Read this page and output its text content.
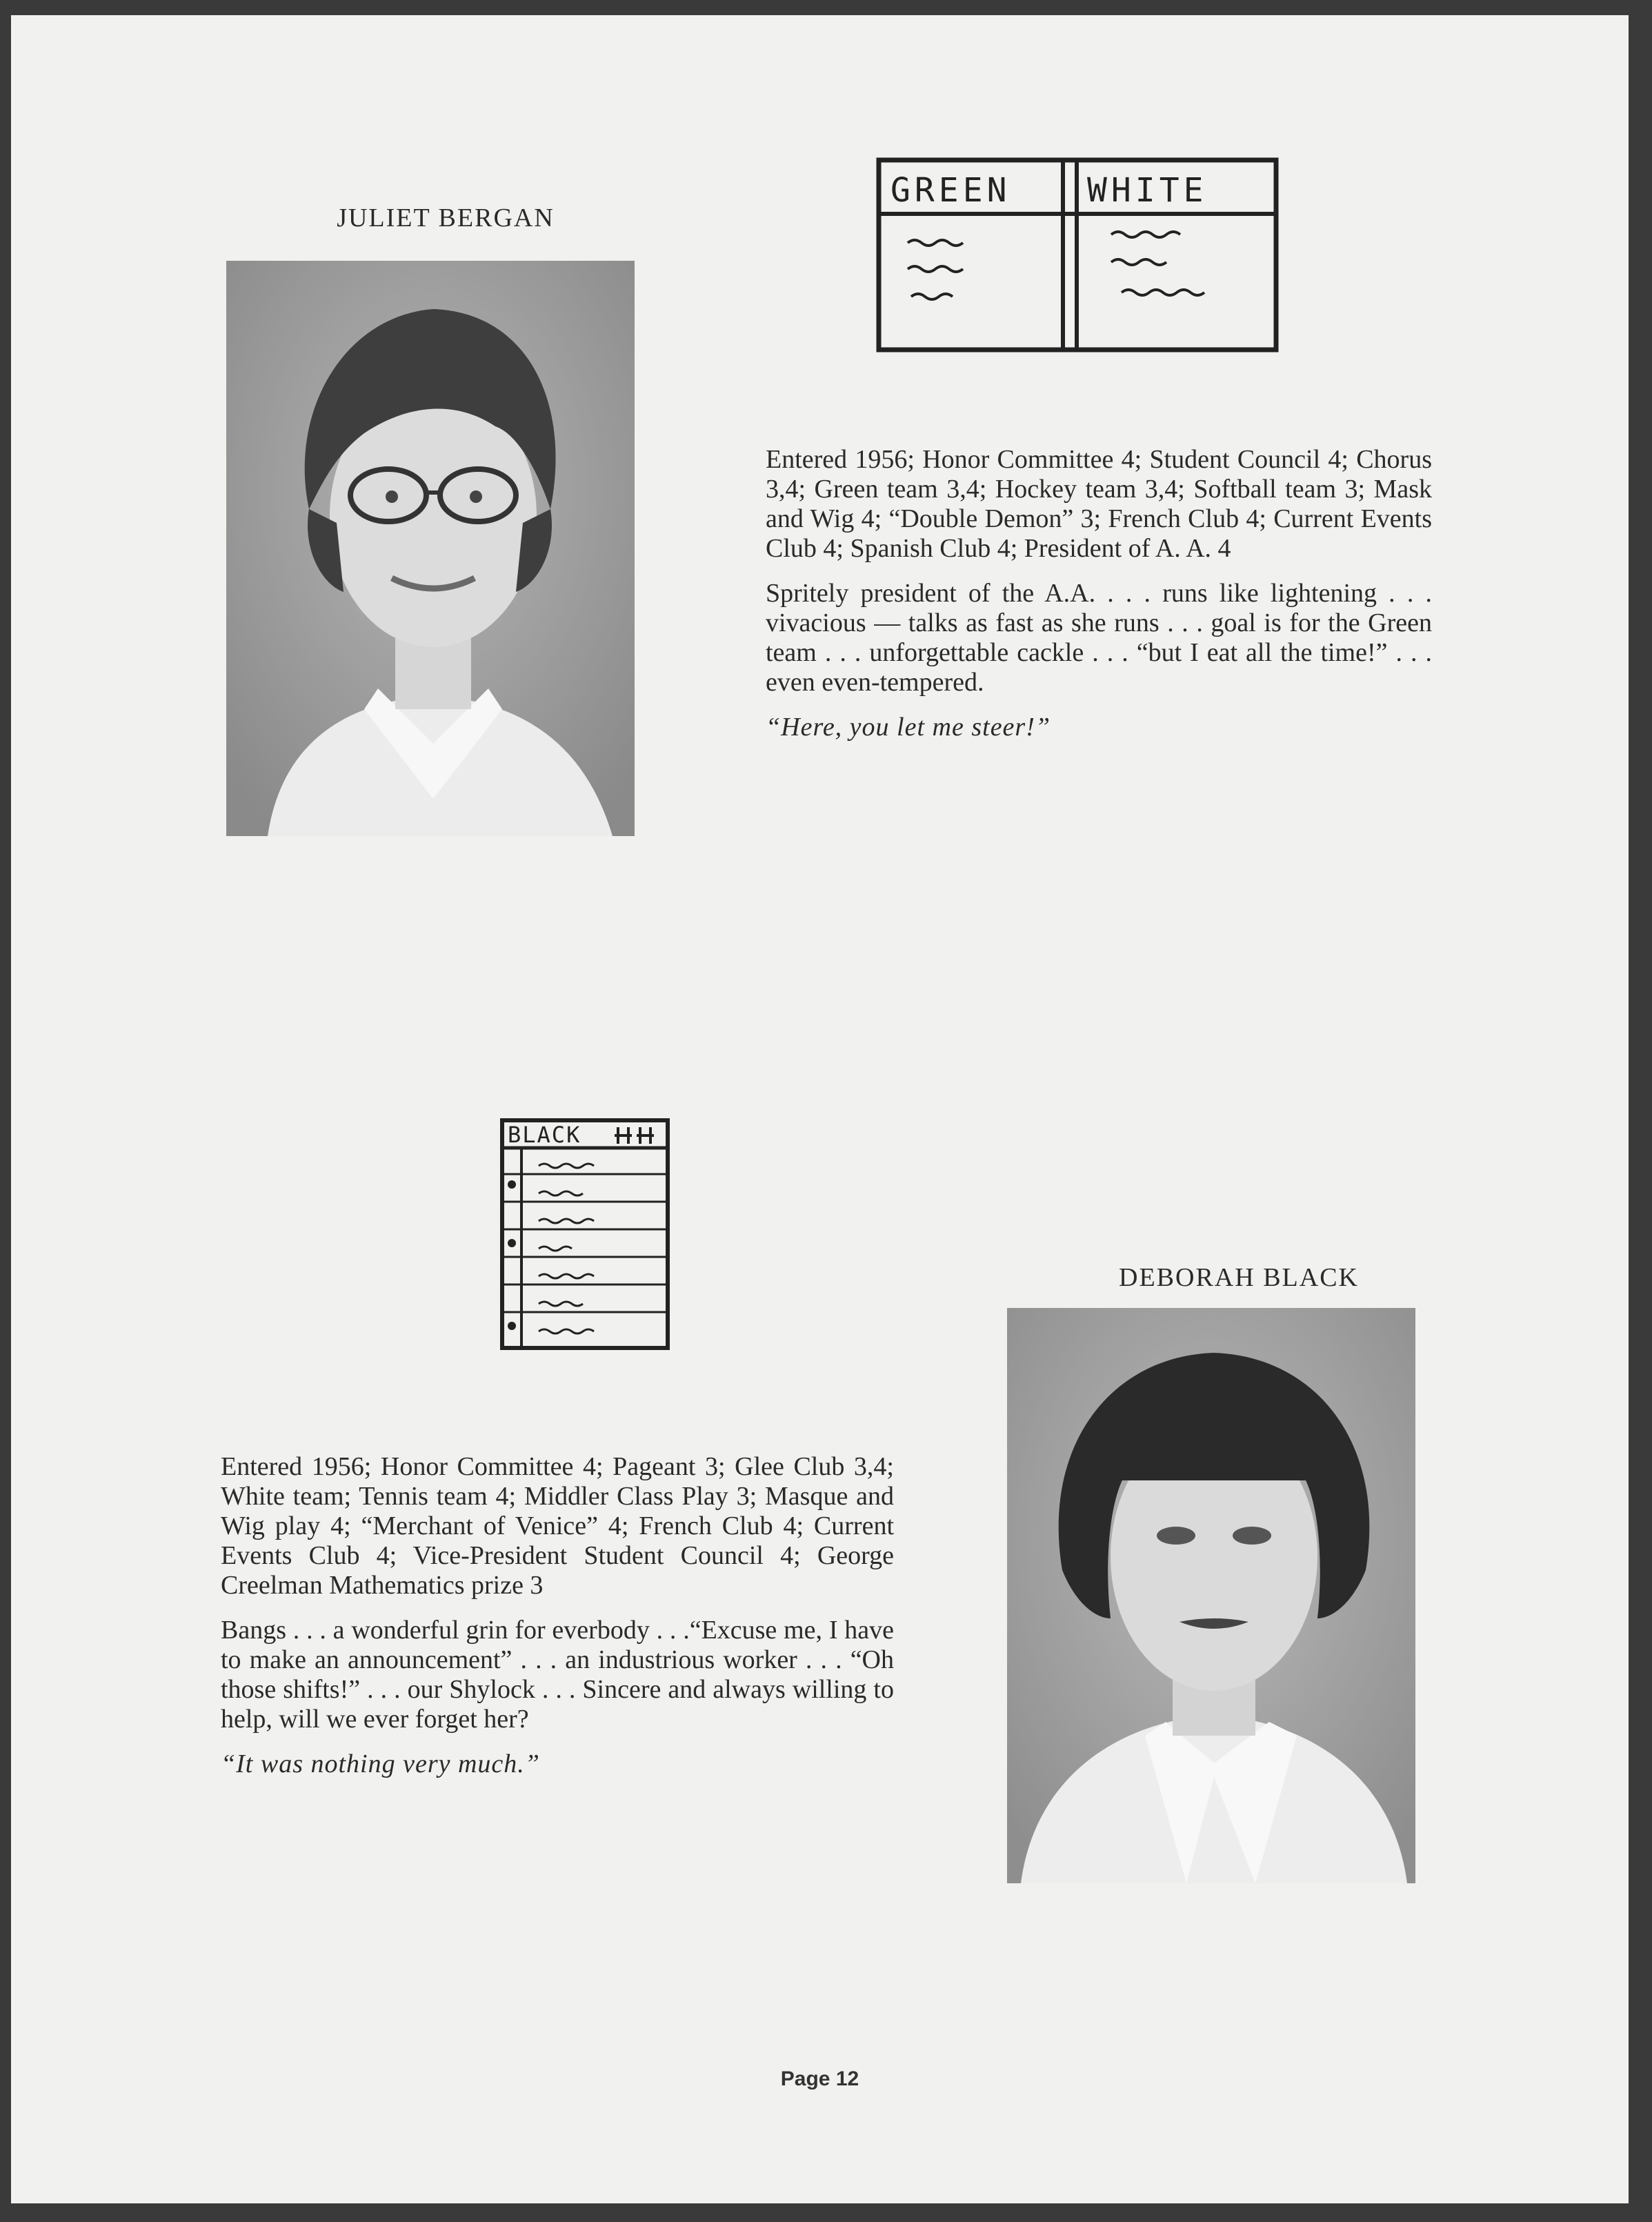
JULIET BERGAN
GREEN WHITE

Entered 1956; Honor Committee 4; Student Council 4; Chorus 3,4; Green team 3,4; Hockey team 3,4; Softball team 3; Mask and Wig 4; “Double Demon” 3; French Club 4; Current Events Club 4; Spanish Club 4; President of A. A. 4

Spritely president of the A.A. . . . runs like lightening . . . vivacious — talks as fast as she runs . . . goal is for the Green team . . . unforgettable cackle . . . “but I eat all the time!” . . . even even-tempered.

“Here, you let me steer!”

BLACK
DEBORAH BLACK

Entered 1956; Honor Committee 4; Pageant 3; Glee Club 3,4; White team; Tennis team 4; Middler Class Play 3; Masque and Wig play 4; “Merchant of Venice” 4; French Club 4; Current Events Club 4; Vice-President Student Council 4; George Creelman Mathematics prize 3

Bangs . . . a wonderful grin for everbody . . .“Excuse me, I have to make an announcement” . . . an industrious worker . . . “Oh those shifts!” . . . our Shylock . . . Sincere and always willing to help, will we ever forget her?

“It was nothing very much.”

Page 12
